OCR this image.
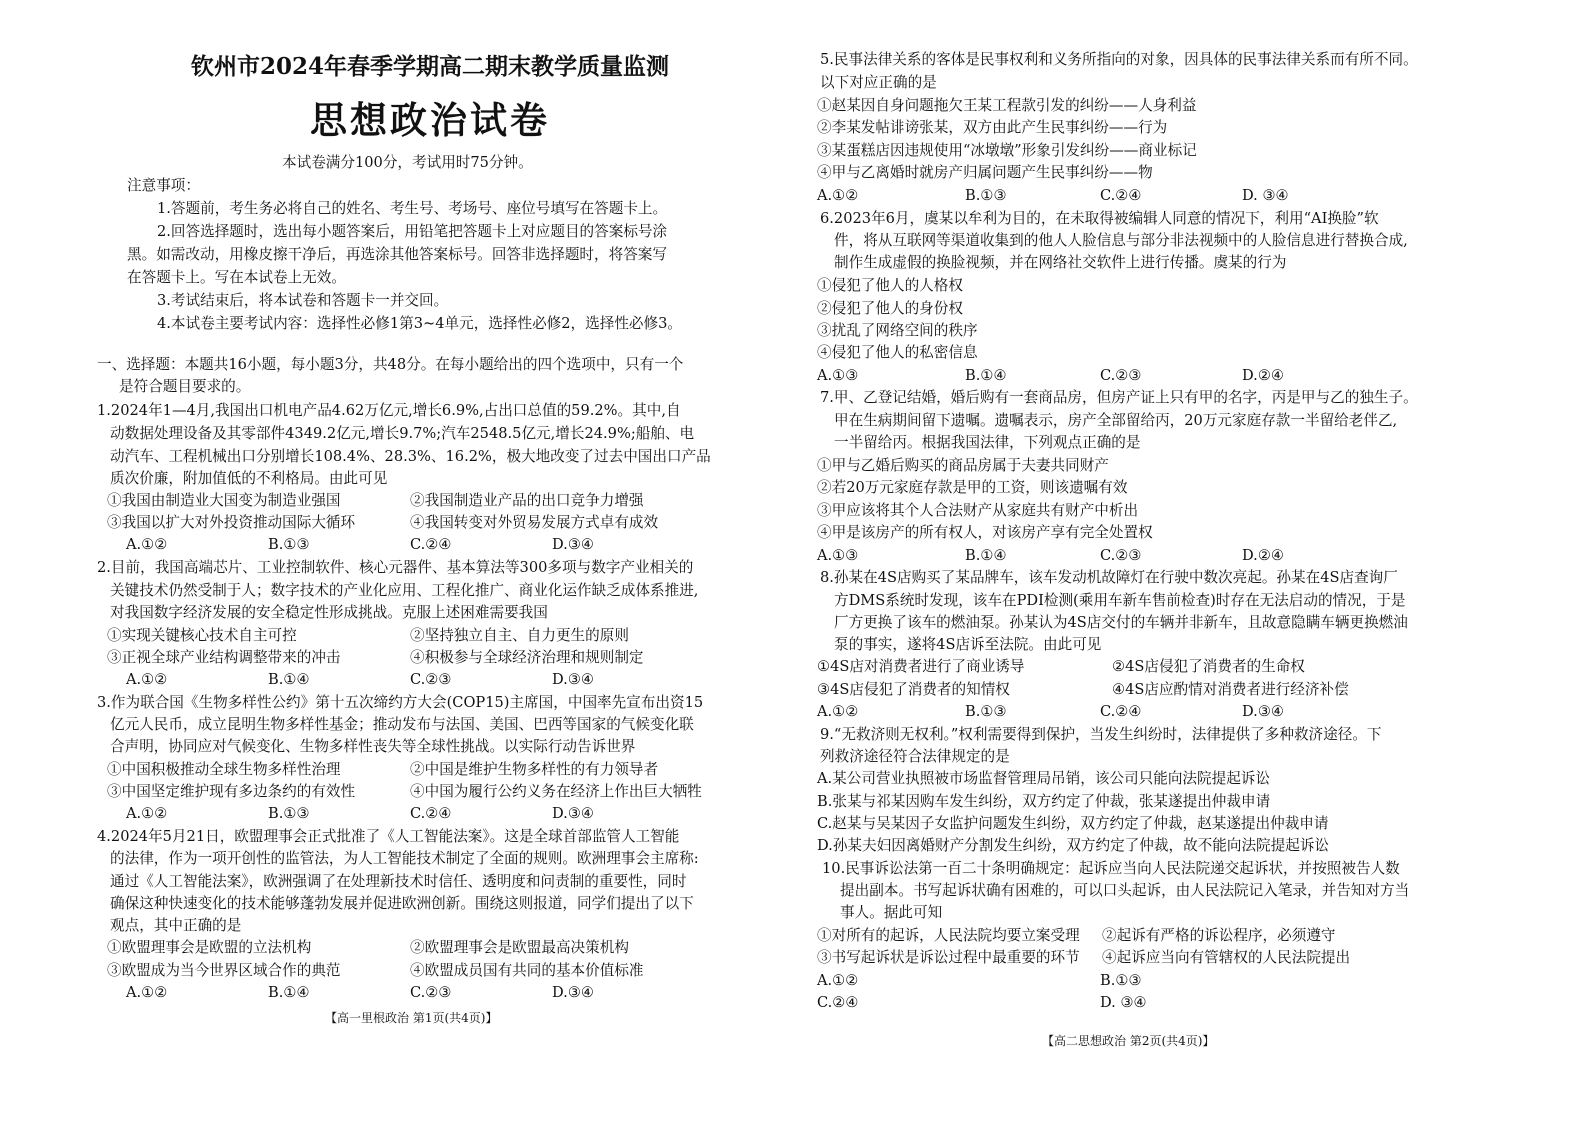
钦州市2024年春季学期高二期末教学质量监测
思想政治试卷
本试卷满分100分，考试用时75分钟。
注意事项：
1.答题前，考生务必将自己的姓名、考生号、考场号、座位号填写在答题卡上。
2.回答选择题时，选出每小题答案后，用铅笔把答题卡上对应题目的答案标号涂
黑。如需改动，用橡皮擦干净后，再选涂其他答案标号。回答非选择题时，将答案写
在答题卡上。写在本试卷上无效。
3.考试结束后，将本试卷和答题卡一并交回。
4.本试卷主要考试内容：选择性必修1第3~4单元，选择性必修2，选择性必修3。
一、选择题：本题共16小题，每小题3分，共48分。在每小题给出的四个选项中，只有一个
是符合题目要求的。
1.2024年1—4月,我国出口机电产品4.62万亿元,增长6.9%,占出口总值的59.2%。其中,自
动数据处理设备及其零部件4349.2亿元,增长9.7%;汽车2548.5亿元,增长24.9%;船舶、电
动汽车、工程机械出口分别增长108.4%、28.3%、16.2%，极大地改变了过去中国出口产品
质次价廉，附加值低的不利格局。由此可见
①我国由制造业大国变为制造业强国	②我国制造业产品的出口竞争力增强
③我国以扩大对外投资推动国际大循环	④我国转变对外贸易发展方式卓有成效
A.①②	B.①③	C.②④	D.③④
2.目前，我国高端芯片、工业控制软件、核心元器件、基本算法等300多项与数字产业相关的
关键技术仍然受制于人；数字技术的产业化应用、工程化推广、商业化运作缺乏成体系推进,
对我国数字经济发展的安全稳定性形成挑战。克服上述困难需要我国
①实现关键核心技术自主可控	②坚持独立自主、自力更生的原则
③正视全球产业结构调整带来的冲击	④积极参与全球经济治理和规则制定
A.①②	B.①④	C.②③	D.③④
3.作为联合国《生物多样性公约》第十五次缔约方大会(COP15)主席国，中国率先宣布出资15
亿元人民币，成立昆明生物多样性基金；推动发布与法国、美国、巴西等国家的气候变化联
合声明，协同应对气候变化、生物多样性丧失等全球性挑战。以实际行动告诉世界
①中国积极推动全球生物多样性治理	②中国是维护生物多样性的有力领导者
③中国坚定维护现有多边条约的有效性	④中国为履行公约义务在经济上作出巨大牺牲
A.①②	B.①③	C.②④	D.③④
4.2024年5月21日，欧盟理事会正式批准了《人工智能法案》。这是全球首部监管人工智能
的法律，作为一项开创性的监管法，为人工智能技术制定了全面的规则。欧洲理事会主席称:
通过《人工智能法案》，欧洲强调了在处理新技术时信任、透明度和问责制的重要性，同时
确保这种快速变化的技术能够蓬勃发展并促进欧洲创新。围绕这则报道，同学们提出了以下
观点，其中正确的是
①欧盟理事会是欧盟的立法机构	②欧盟理事会是欧盟最高决策机构
③欧盟成为当今世界区域合作的典范	④欧盟成员国有共同的基本价值标准
A.①②	B.①④	C.②③	D.③④
【高一里根政治 第1页(共4页)】
5.民事法律关系的客体是民事权利和义务所指向的对象，因具体的民事法律关系而有所不同。
以下对应正确的是
①赵某因自身问题拖欠王某工程款引发的纠纷——人身利益
②李某发帖诽谤张某，双方由此产生民事纠纷——行为
③某蛋糕店因违规使用“冰墩墩”形象引发纠纷——商业标记
④甲与乙离婚时就房产归属问题产生民事纠纷——物
A.①②	B.①③	C.②④	D. ③④
6.2023年6月，虞某以牟利为目的，在未取得被编辑人同意的情况下，利用“AI换脸”软
件，将从互联网等渠道收集到的他人人脸信息与部分非法视频中的人脸信息进行替换合成,
制作生成虚假的换脸视频，并在网络社交软件上进行传播。虞某的行为
①侵犯了他人的人格权
②侵犯了他人的身份权
③扰乱了网络空间的秩序
④侵犯了他人的私密信息
A.①③	B.①④	C.②③	D.②④
7.甲、乙登记结婚，婚后购有一套商品房，但房产证上只有甲的名字，丙是甲与乙的独生子。
甲在生病期间留下遗嘱。遗嘱表示，房产全部留给丙，20万元家庭存款一半留给老伴乙,
一半留给丙。根据我国法律，下列观点正确的是
①甲与乙婚后购买的商品房属于夫妻共同财产
②若20万元家庭存款是甲的工资，则该遗嘱有效
③甲应该将其个人合法财产从家庭共有财产中析出
④甲是该房产的所有权人，对该房产享有完全处置权
A.①③	B.①④	C.②③	D.②④
8.孙某在4S店购买了某品牌车，该车发动机故障灯在行驶中数次亮起。孙某在4S店查询厂
方DMS系统时发现，该车在PDI检测(乘用车新车售前检查)时存在无法启动的情况，于是
厂方更换了该车的燃油泵。孙某认为4S店交付的车辆并非新车，且故意隐瞒车辆更换燃油
泵的事实，遂将4S店诉至法院。由此可见
①4S店对消费者进行了商业诱导	②4S店侵犯了消费者的生命权
③4S店侵犯了消费者的知情权	④4S店应酌情对消费者进行经济补偿
A.①②	B.①③	C.②④	D.③④
9.“无救济则无权利。”权利需要得到保护，当发生纠纷时，法律提供了多种救济途径。下
列救济途径符合法律规定的是
A.某公司营业执照被市场监督管理局吊销，该公司只能向法院提起诉讼
B.张某与祁某因购车发生纠纷，双方约定了仲裁，张某遂提出仲裁申请
C.赵某与吴某因子女监护问题发生纠纷，双方约定了仲裁，赵某遂提出仲裁申请
D.孙某夫妇因离婚财产分割发生纠纷，双方约定了仲裁，故不能向法院提起诉讼
10.民事诉讼法第一百二十条明确规定：起诉应当向人民法院递交起诉状，并按照被告人数
提出副本。书写起诉状确有困难的，可以口头起诉，由人民法院记入笔录，并告知对方当
事人。据此可知
①对所有的起诉，人民法院均要立案受理 ②起诉有严格的诉讼程序，必须遵守
③书写起诉状是诉讼过程中最重要的环节 ④起诉应当向有管辖权的人民法院提出
A.①②	B.①③
C.②④	D. ③④
【高二思想政治 第2页(共4页)】
